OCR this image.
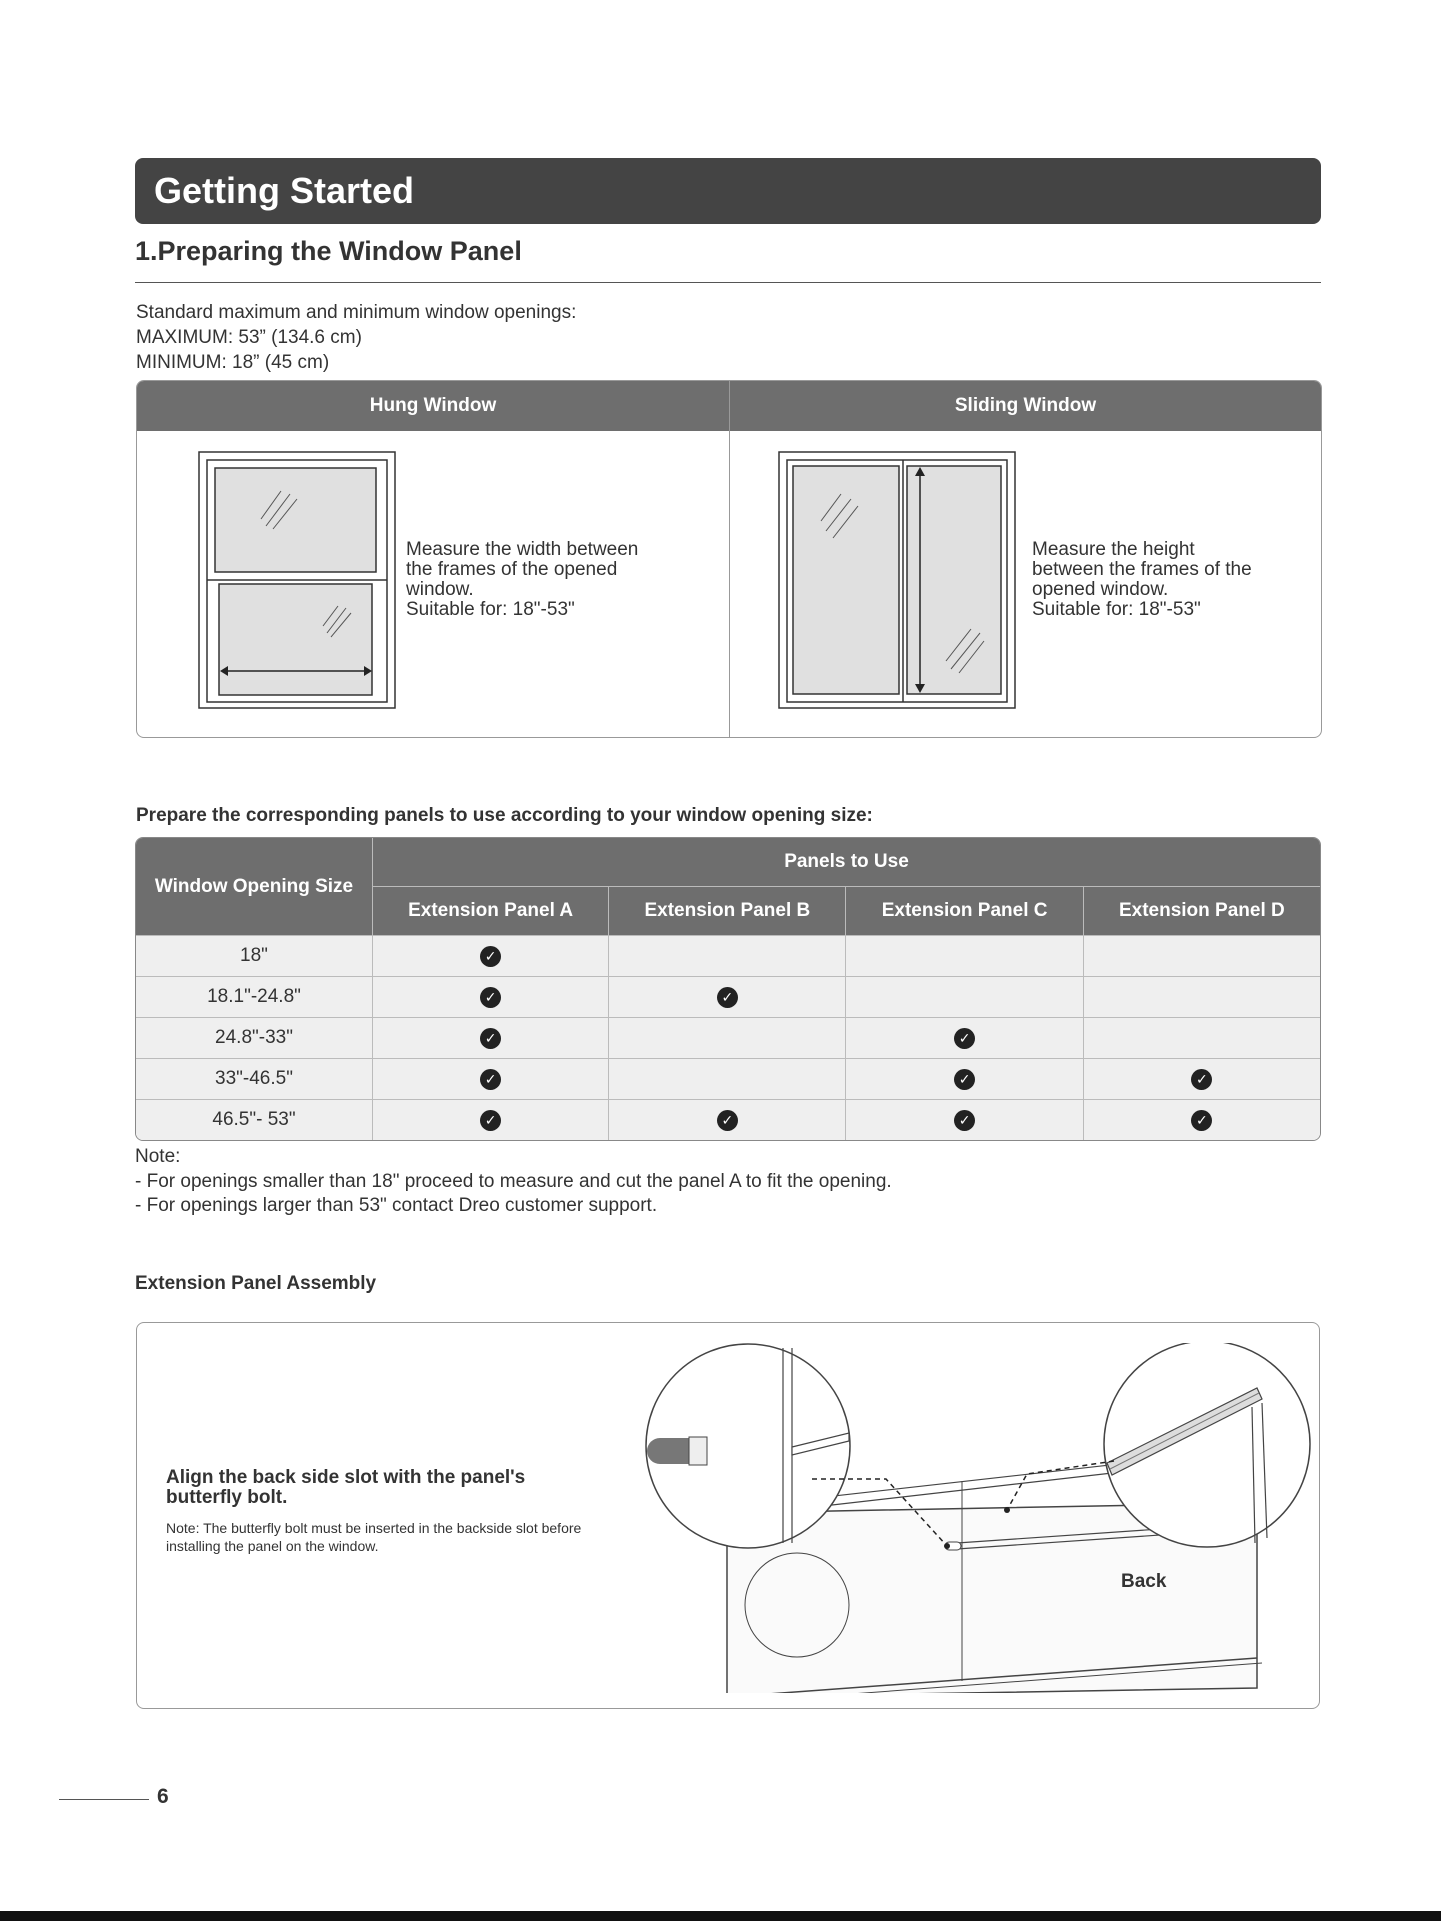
Getting Started
1.Preparing the Window Panel
Standard maximum and minimum window openings:
MAXIMUM: 53” (134.6 cm)
MINIMUM: 18” (45 cm)
Hung Window	Sliding Window
Measure the width between
the frames of the opened
window.
Suitable for: 18"-53"
Measure the height
between the frames of the
opened window.
Suitable for: 18"-53"
Prepare the corresponding panels to use according to your window opening size:
Window Opening Size	Panels to Use			
	Extension Panel A	Extension Panel B	Extension Panel C	Extension Panel D
18"	✓			
18.1"-24.8"	✓	✓		
24.8"-33"	✓		✓	
33"-46.5"	✓		✓	✓
46.5"- 53"	✓	✓	✓	✓
Note:
- For openings smaller than 18" proceed to measure and cut the panel A to fit the opening.
- For openings larger than 53" contact Dreo customer support.
Extension Panel Assembly
Align the back side slot with the panel's butterfly bolt.
Note: The butterfly bolt must be inserted in the backside slot before installing the panel on the window.
Back
6
